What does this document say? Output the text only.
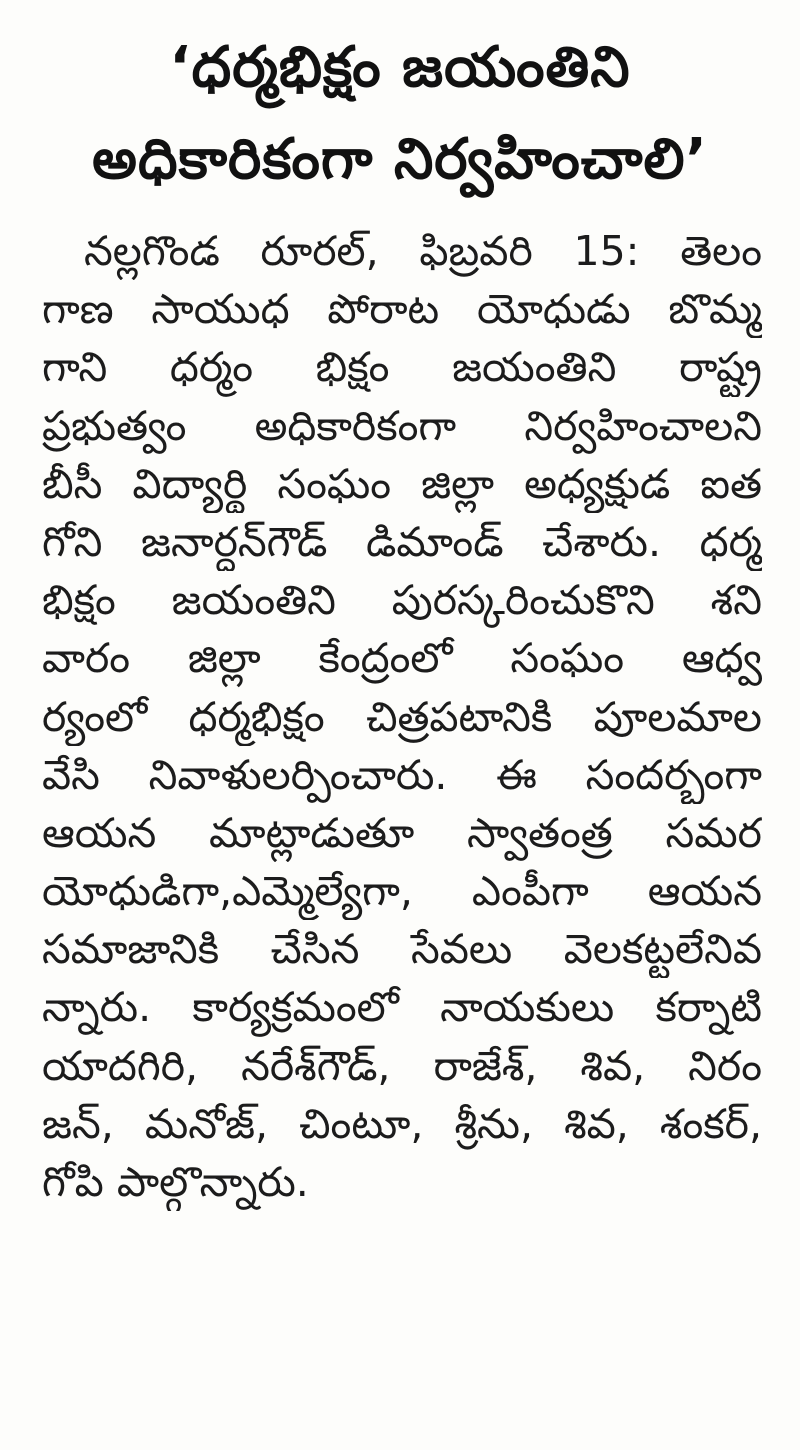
‘ధర్మభిక్షం జయంతిని
అధికారికంగా నిర్వహించాలి’
నల్లగొండ రూరల్‌, ఫిబ్రవరి 15: తెలం
గాణ సాయుధ పోరాట యోధుడు బొమ్మ
గాని ధర్మం భిక్షం జయంతిని రాష్ట్ర
ప్రభుత్వం అధికారికంగా నిర్వహించాలని
బీసీ విద్యార్థి సంఘం జిల్లా అధ్యక్షుడ ఐత
గోని జనార్దన్‌గౌడ్‌ డిమాండ్‌ చేశారు. ధర్మ
భిక్షం జయంతిని పురస్కరించుకొని శని
వారం జిల్లా కేంద్రంలో సంఘం ఆధ్వ
ర్యంలో ధర్మభిక్షం చిత్రపటానికి పూలమాల
వేసి నివాళులర్పించారు. ఈ సందర్భంగా
ఆయన మాట్లాడుతూ స్వాతంత్ర సమర
యోధుడిగా,ఎమ్మెల్యేగా, ఎంపీగా ఆయన
సమాజానికి చేసిన సేవలు వెలకట్టలేనివ
న్నారు. కార్యక్రమంలో నాయకులు కర్నాటి
యాదగిరి, నరేశ్‌గౌడ్‌, రాజేశ్‌, శివ, నిరం
జన్‌, మనోజ్‌, చింటూ, శ్రీను, శివ, శంకర్‌,
గోపి పాల్గొన్నారు.
